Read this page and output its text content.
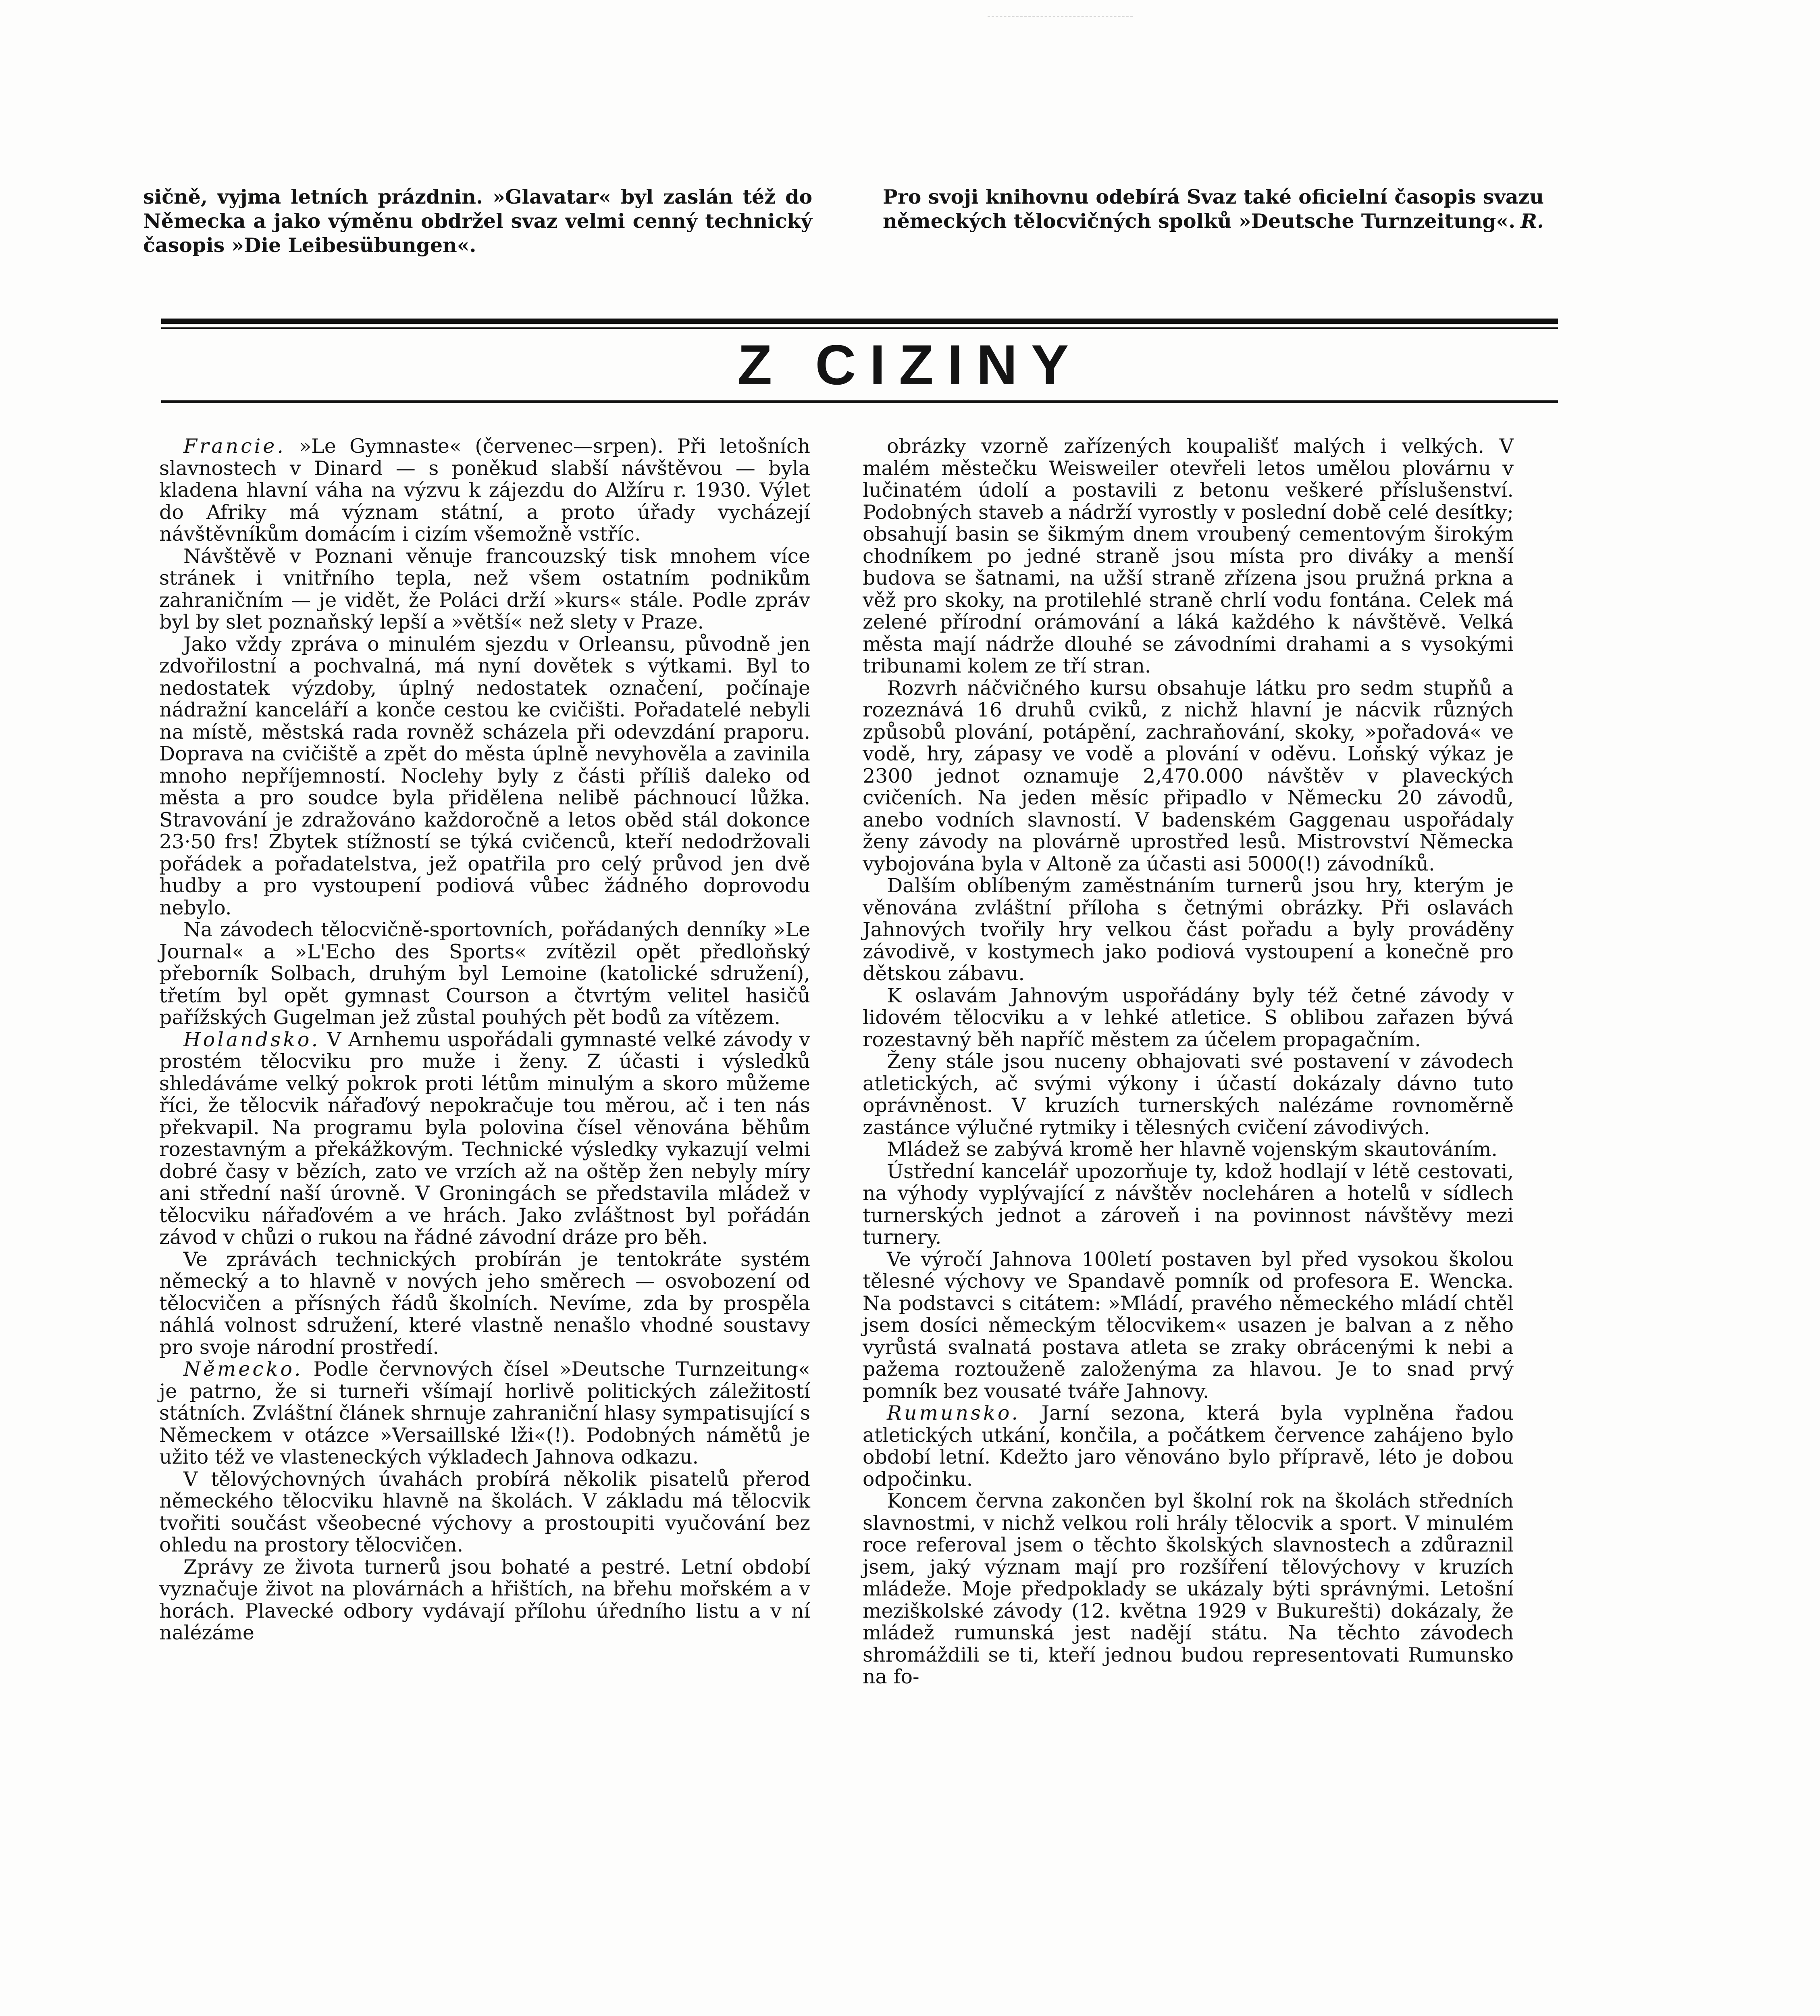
sičně, vyjma letních prázdnin. »Glavatar« byl zaslán též do Německa a jako výměnu obdržel svaz velmi cenný technický časopis »Die Leibesübungen«.
Pro svoji knihovnu odebírá Svaz také oficielní časopis svazu německých tělocvičných spolků »Deutsche Turnzeitung«. R.
Z CIZINY

Francie. »Le Gymnaste« (červenec—srpen). Při letošních slavnostech v Dinard — s poněkud slabší návštěvou — byla kladena hlavní váha na výzvu k zájezdu do Alžíru r. 1930. Výlet do Afriky má význam státní, a proto úřady vycházejí návštěvníkům domácím i cizím všemožně vstříc.

Návštěvě v Poznani věnuje francouzský tisk mnohem více stránek i vnitřního tepla, než všem ostatním podnikům zahraničním — je vidět, že Poláci drží »kurs« stále. Podle zpráv byl by slet poznaňský lepší a »větší« než slety v Praze.

Jako vždy zpráva o minulém sjezdu v Orleansu, původně jen zdvořilostní a pochvalná, má nyní dovětek s výtkami. Byl to nedostatek výzdoby, úplný nedostatek označení, počínaje nádražní kanceláří a konče cestou ke cvičišti. Pořadatelé nebyli na místě, městská rada rovněž scházela při odevzdání praporu. Doprava na cvičiště a zpět do města úplně nevyhověla a zavinila mnoho nepříjemností. Noclehy byly z části příliš daleko od města a pro soudce byla přidělena nelibě páchnoucí lůžka. Stravování je zdražováno každoročně a letos oběd stál dokonce 23·50 frs! Zbytek stížností se týká cvičenců, kteří nedodržovali pořádek a pořadatelstva, jež opatřila pro celý průvod jen dvě hudby a pro vystoupení podiová vůbec žádného doprovodu nebylo.

Na závodech tělocvičně-sportovních, pořádaných denníky »Le Journal« a »L'Echo des Sports« zvítězil opět předloňský přeborník Solbach, druhým byl Lemoine (katolické sdružení), třetím byl opět gymnast Courson a čtvrtým velitel hasičů pařížských Gugelman jež zůstal pouhých pět bodů za vítězem.

Holandsko. V Arnhemu uspořádali gymnasté velké závody v prostém tělocviku pro muže i ženy. Z účasti i výsledků shledáváme velký pokrok proti létům minulým a skoro můžeme říci, že tělocvik nářaďový nepokračuje tou měrou, ač i ten nás překvapil. Na programu byla polovina čísel věnována běhům rozestavným a překážkovým. Technické výsledky vykazují velmi dobré časy v bězích, zato ve vrzích až na oštěp žen nebyly míry ani střední naší úrovně. V Groningách se představila mládež v tělocviku nářaďovém a ve hrách. Jako zvláštnost byl pořádán závod v chůzi o rukou na řádné závodní dráze pro běh.

Ve zprávách technických probírán je tentokráte systém německý a to hlavně v nových jeho směrech — osvobození od tělocvičen a přísných řádů školních. Nevíme, zda by prospěla náhlá volnost sdružení, které vlastně nenašlo vhodné soustavy pro svoje národní prostředí.

Německo. Podle červnových čísel »Deutsche Turnzeitung« je patrno, že si turneři všímají horlivě politických záležitostí státních. Zvláštní článek shrnuje zahraniční hlasy sympatisující s Německem v otázce »Versaillské lži«(!). Podobných námětů je užito též ve vlasteneckých výkladech Jahnova odkazu.

V tělovýchovných úvahách probírá několik pisatelů přerod německého tělocviku hlavně na školách. V základu má tělocvik tvořiti součást všeobecné výchovy a prostoupiti vyučování bez ohledu na prostory tělocvičen.

Zprávy ze života turnerů jsou bohaté a pestré. Letní období vyznačuje život na plovárnách a hřištích, na břehu mořském a v horách. Plavecké odbory vydávají přílohu úředního listu a v ní nalézáme

obrázky vzorně zařízených koupališť malých i velkých. V malém městečku Weisweiler otevřeli letos umělou plovárnu v lučinatém údolí a postavili z betonu veškeré příslušenství. Podobných staveb a nádrží vyrostly v poslední době celé desítky; obsahují basin se šikmým dnem vroubený cementovým širokým chodníkem po jedné straně jsou místa pro diváky a menší budova se šatnami, na užší straně zřízena jsou pružná prkna a věž pro skoky, na protilehlé straně chrlí vodu fontána. Celek má zelené přírodní orámování a láká každého k návštěvě. Velká města mají nádrže dlouhé se závodními drahami a s vysokými tribunami kolem ze tří stran.

Rozvrh náčvičného kursu obsahuje látku pro sedm stupňů a rozeznává 16 druhů cviků, z nichž hlavní je nácvik různých způsobů plování, potápění, zachraňování, skoky, »pořadová« ve vodě, hry, zápasy ve vodě a plování v oděvu. Loňský výkaz je 2300 jednot oznamuje 2,470.000 návštěv v plaveckých cvičeních. Na jeden měsíc připadlo v Německu 20 závodů, anebo vodních slavností. V badenském Gaggenau uspořádaly ženy závody na plovárně uprostřed lesů. Mistrovství Německa vybojována byla v Altoně za účasti asi 5000(!) závodníků.

Dalším oblíbeným zaměstnáním turnerů jsou hry, kterým je věnována zvláštní příloha s četnými obrázky. Při oslavách Jahnových tvořily hry velkou část pořadu a byly prováděny závodivě, v kostymech jako podiová vystoupení a konečně pro dětskou zábavu.

K oslavám Jahnovým uspořádány byly též četné závody v lidovém tělocviku a v lehké atletice. S oblibou zařazen bývá rozestavný běh napříč městem za účelem propagačním.

Ženy stále jsou nuceny obhajovati své postavení v závodech atletických, ač svými výkony i účastí dokázaly dávno tuto oprávněnost. V kruzích turnerských nalézáme rovnoměrně zastánce výlučné rytmiky i tělesných cvičení závodivých.

Mládež se zabývá kromě her hlavně vojenským skautováním.

Ústřední kancelář upozorňuje ty, kdož hodlají v létě cestovati, na výhody vyplývající z návštěv nocleháren a hotelů v sídlech turnerských jednot a zároveň i na povinnost návštěvy mezi turnery.

Ve výročí Jahnova 100letí postaven byl před vysokou školou tělesné výchovy ve Spandavě pomník od profesora E. Wencka. Na podstavci s citátem: »Mládí, pravého německého mládí chtěl jsem dosíci německým tělocvikem« usazen je balvan a z něho vyrůstá svalnatá postava atleta se zraky obrácenými k nebi a pažema roztouženě založenýma za hlavou. Je to snad prvý pomník bez vousaté tváře Jahnovy.

Rumunsko. Jarní sezona, která byla vyplněna řadou atletických utkání, končila, a počátkem července zahájeno bylo období letní. Kdežto jaro věnováno bylo přípravě, léto je dobou odpočinku.

Koncem června zakončen byl školní rok na školách středních slavnostmi, v nichž velkou roli hrály tělocvik a sport. V minulém roce referoval jsem o těchto školských slavnostech a zdůraznil jsem, jaký význam mají pro rozšíření tělovýchovy v kruzích mládeže. Moje předpoklady se ukázaly býti správnými. Letošní meziškolské závody (12. května 1929 v Bukurešti) dokázaly, že mládež rumunská jest nadějí státu. Na těchto závodech shromáždili se ti, kteří jednou budou representovati Rumunsko na fo-
